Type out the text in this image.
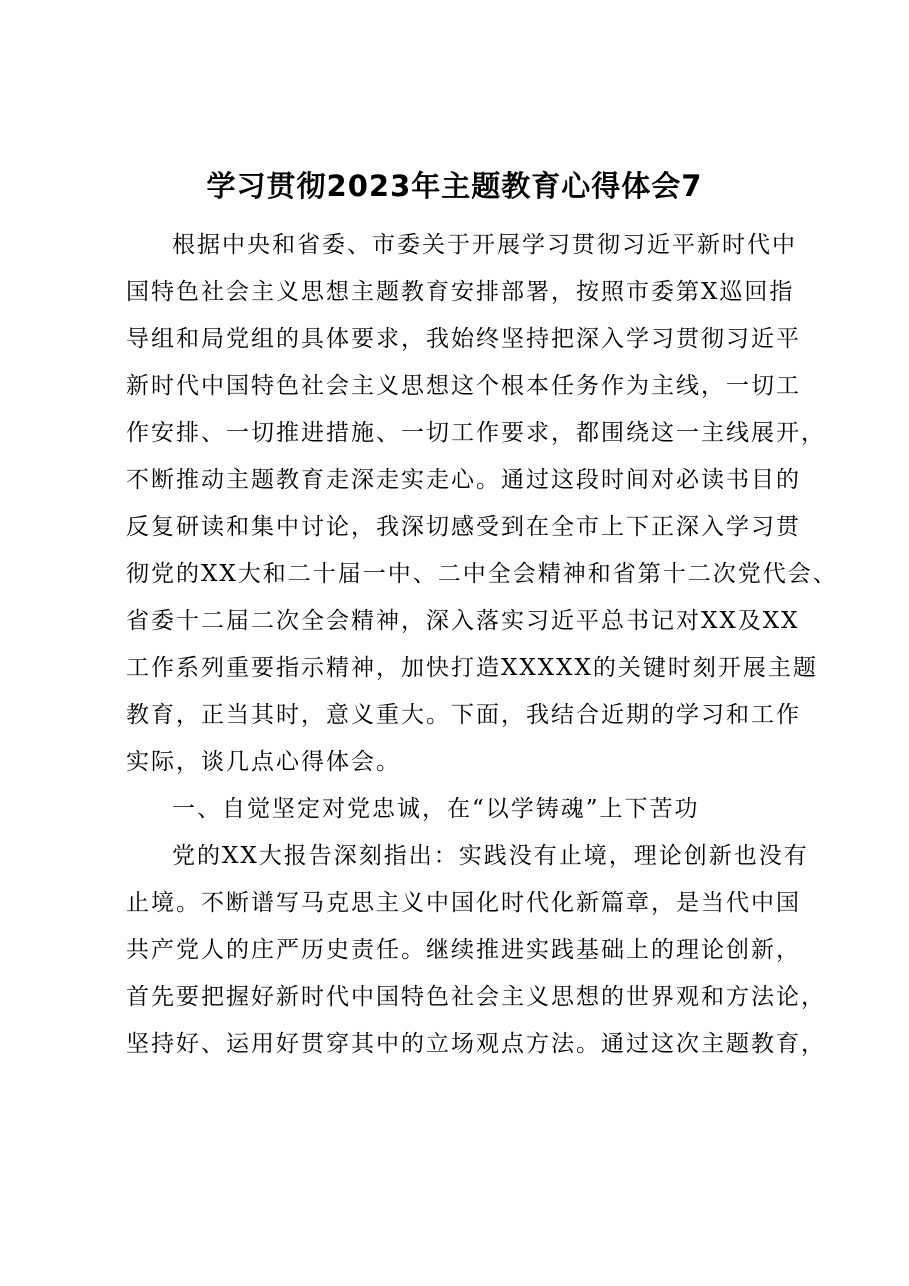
学习贯彻2023年主题教育心得体会7
根据中央和省委、市委关于开展学习贯彻习近平新时代中
国特色社会主义思想主题教育安排部署，按照市委第X巡回指
导组和局党组的具体要求，我始终坚持把深入学习贯彻习近平
新时代中国特色社会主义思想这个根本任务作为主线，一切工
作安排、一切推进措施、一切工作要求，都围绕这一主线展开，
不断推动主题教育走深走实走心。通过这段时间对必读书目的
反复研读和集中讨论，我深切感受到在全市上下正深入学习贯
彻党的XX大和二十届一中、二中全会精神和省第十二次党代会、
省委十二届二次全会精神，深入落实习近平总书记对XX及XX
工作系列重要指示精神，加快打造XXXXX的关键时刻开展主题
教育，正当其时，意义重大。下面，我结合近期的学习和工作
实际，谈几点心得体会。
一、自觉坚定对党忠诚，在“以学铸魂”上下苦功
党的XX大报告深刻指出：实践没有止境，理论创新也没有
止境。不断谱写马克思主义中国化时代化新篇章，是当代中国
共产党人的庄严历史责任。继续推进实践基础上的理论创新，
首先要把握好新时代中国特色社会主义思想的世界观和方法论，
坚持好、运用好贯穿其中的立场观点方法。通过这次主题教育，
